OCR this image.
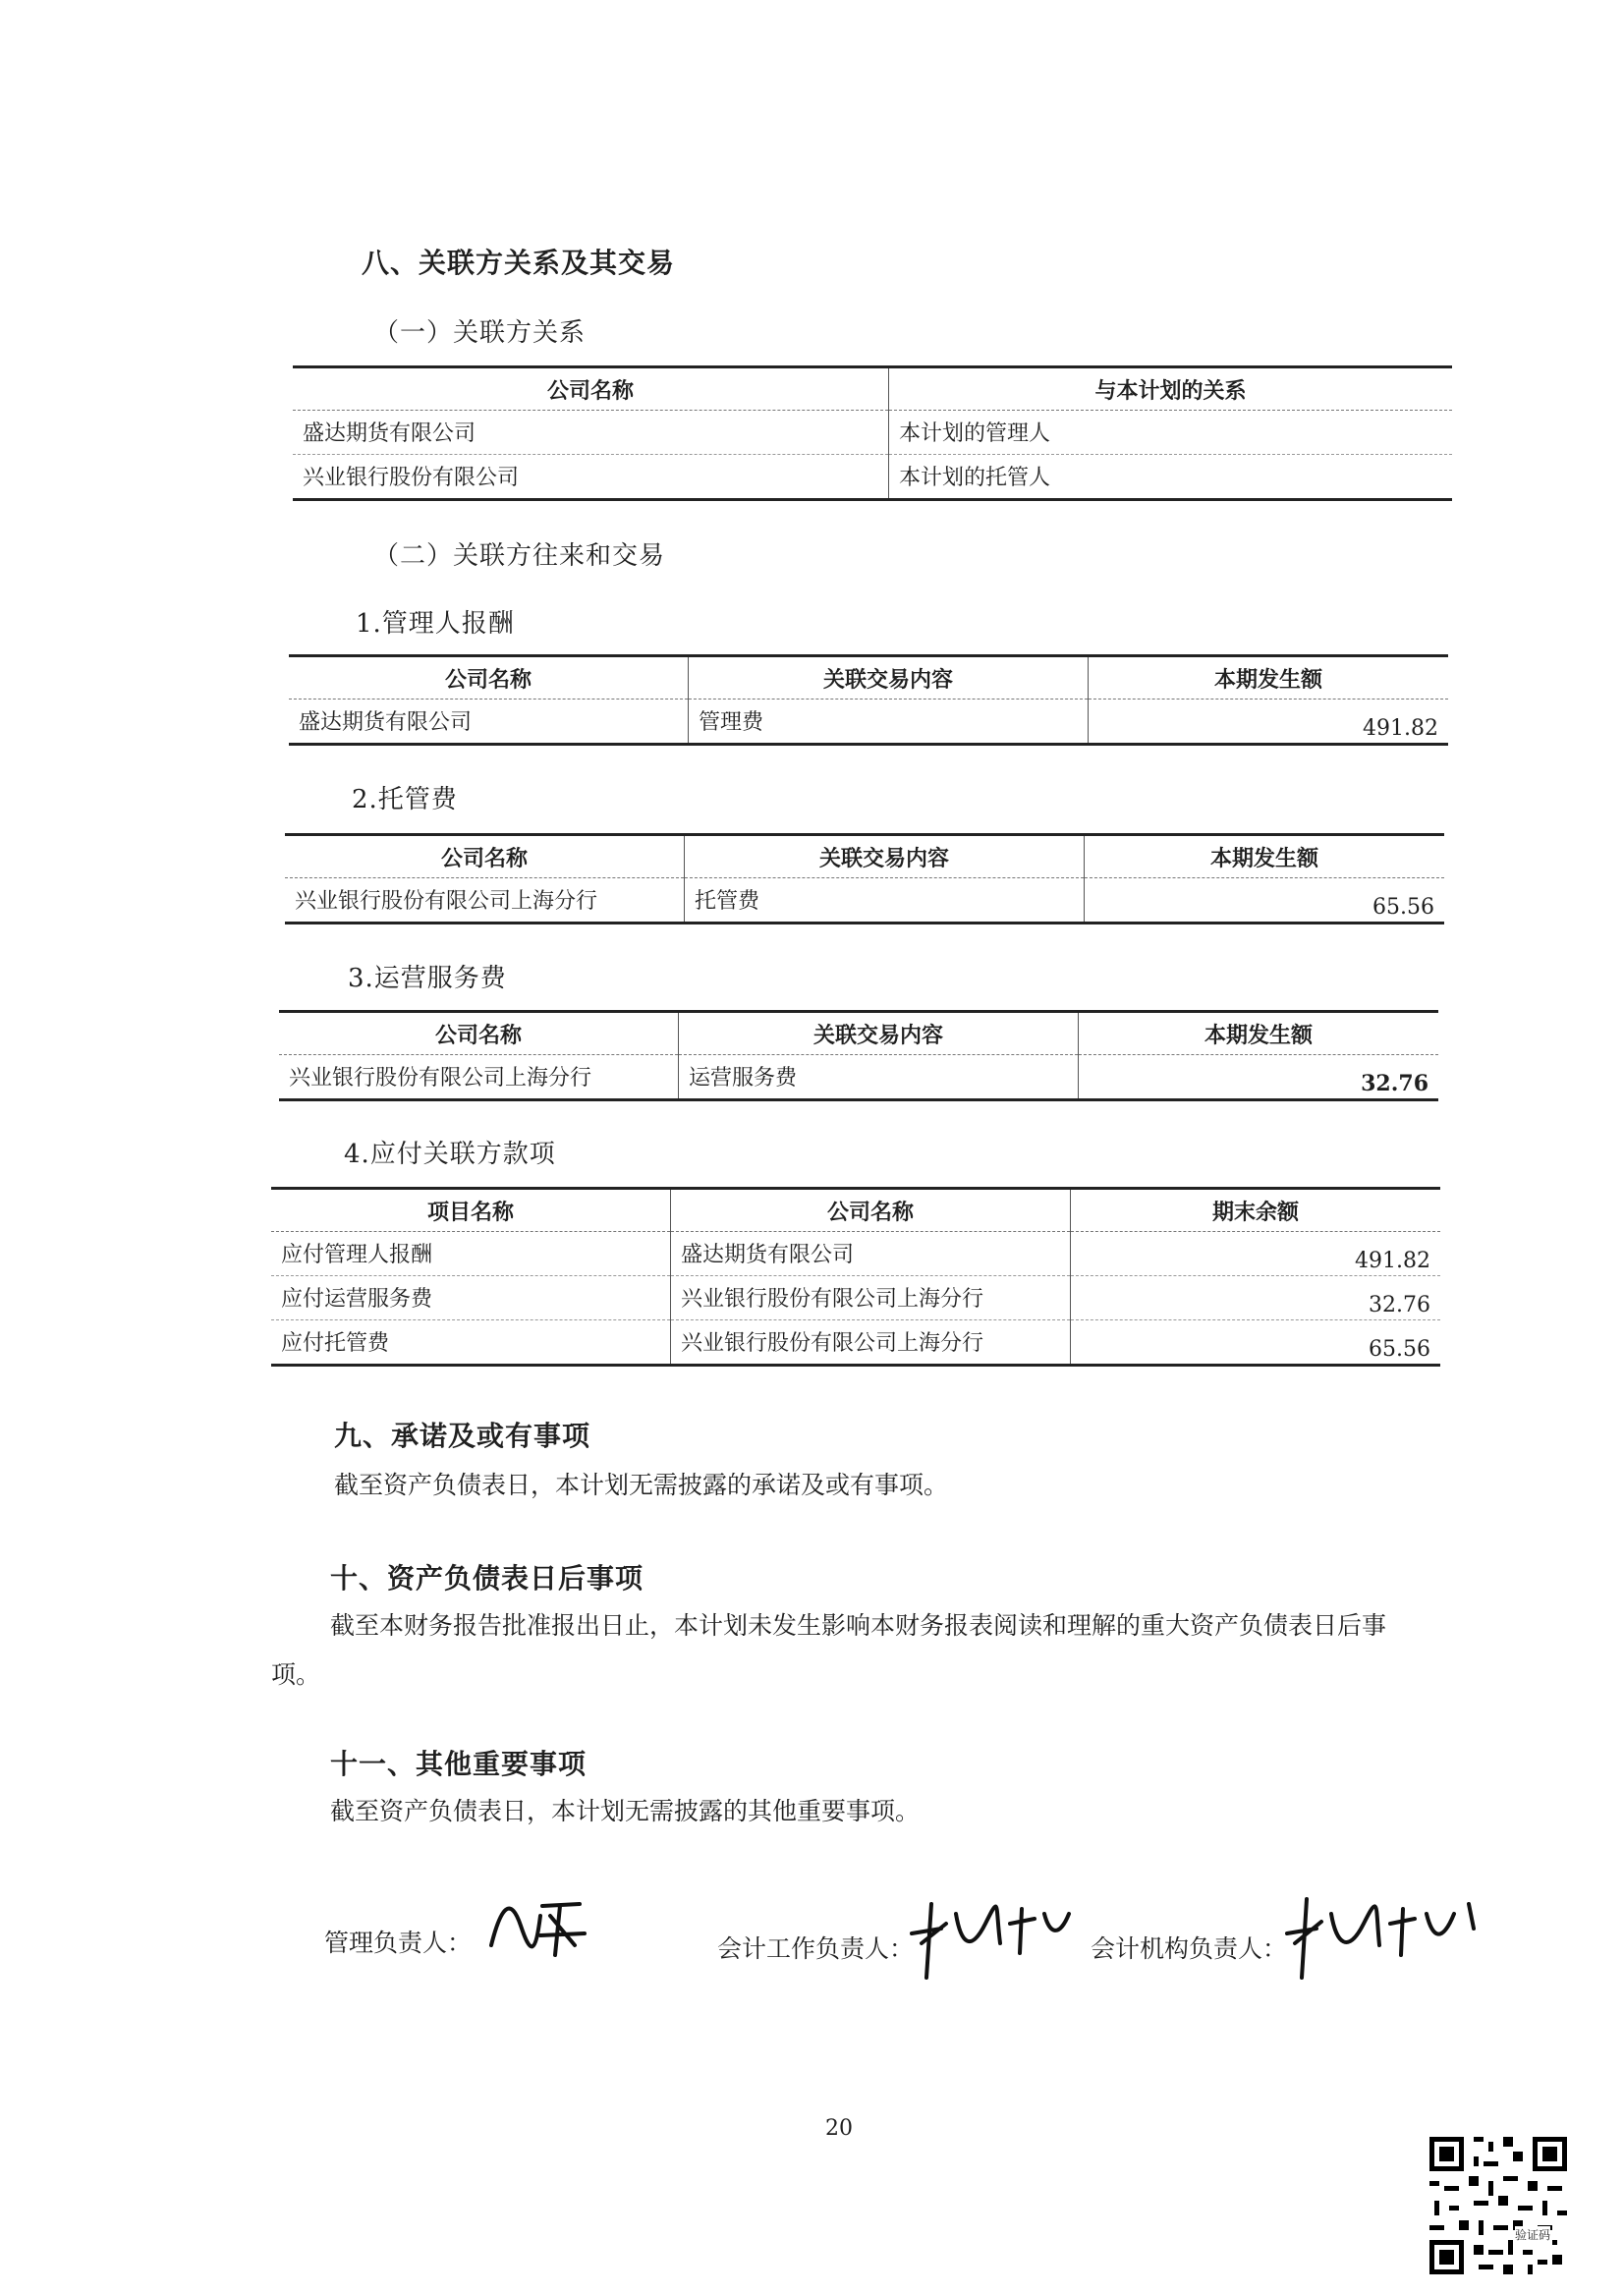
八、关联方关系及其交易
（一）关联方关系
公司名称	与本计划的关系
盛达期货有限公司	本计划的管理人
兴业银行股份有限公司	本计划的托管人
（二）关联方往来和交易
1.管理人报酬
公司名称	关联交易内容	本期发生额
盛达期货有限公司	管理费	491.82
2.托管费
公司名称	关联交易内容	本期发生额
兴业银行股份有限公司上海分行	托管费	65.56
3.运营服务费
公司名称	关联交易内容	本期发生额
兴业银行股份有限公司上海分行	运营服务费	32.76
4.应付关联方款项
项目名称	公司名称	期末余额
应付管理人报酬	盛达期货有限公司	491.82
应付运营服务费	兴业银行股份有限公司上海分行	32.76
应付托管费	兴业银行股份有限公司上海分行	65.56
九、承诺及或有事项
截至资产负债表日，本计划无需披露的承诺及或有事项。
十、资产负债表日后事项
截至本财务报告批准报出日止，本计划未发生影响本财务报表阅读和理解的重大资产负债表日后事项。
十一、其他重要事项
截至资产负债表日，本计划无需披露的其他重要事项。
管理负责人：	会计工作负责人：	会计机构负责人：
20
验证码
